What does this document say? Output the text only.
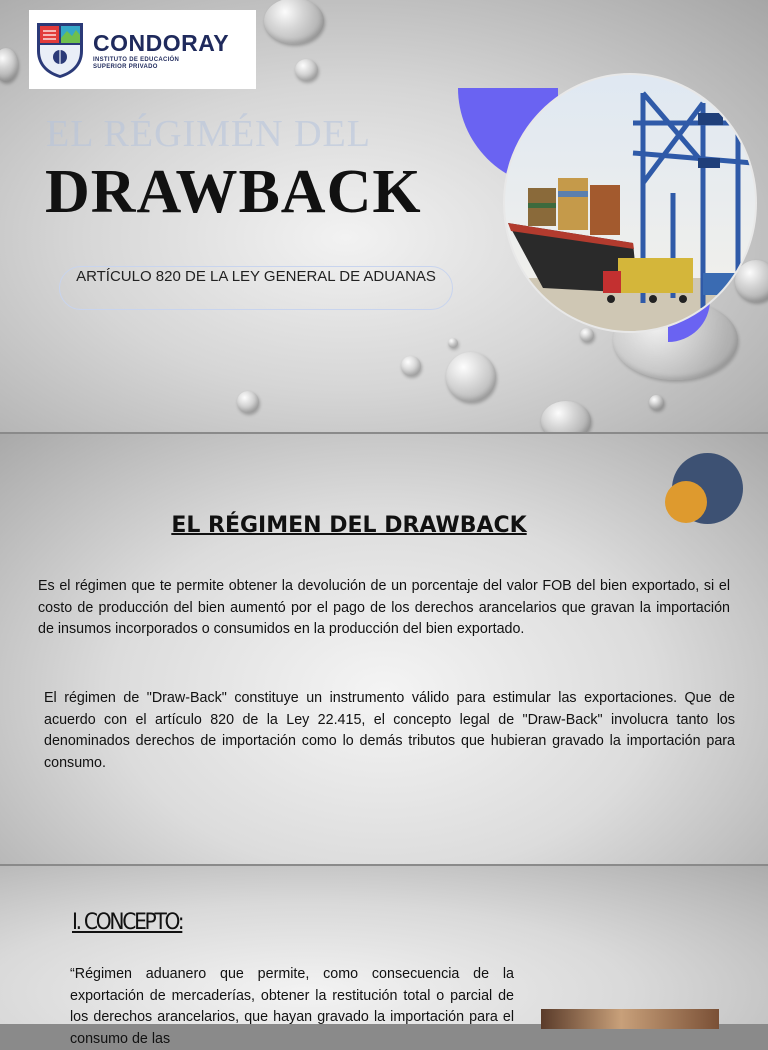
CONDORAY
INSTITUTO DE EDUCACIÓN
SUPERIOR PRIVADO
EL RÉGIMÉN DEL
DRAWBACK
ARTÍCULO 820 DE LA LEY GENERAL DE ADUANAS
EL RÉGIMEN DEL DRAWBACK
Es el régimen que te permite obtener la devolución de un porcentaje del valor FOB del bien exportado, si el costo de producción del bien aumentó por el pago de los derechos arancelarios que gravan la importación de insumos incorporados o consumidos en la producción del bien exportado.
El régimen de "Draw-Back" constituye un instrumento válido para estimular las exportaciones. Que de acuerdo con el artículo 820 de la Ley 22.415, el concepto legal de "Draw-Back" involucra tanto los denominados derechos de importación como lo demás tributos que hubieran gravado la importación para consumo.
I. CONCEPTO:
“Régimen aduanero que permite, como consecuencia de la exportación de mercaderías, obtener la restitución total o parcial de los derechos arancelarios, que hayan gravado la importación para el consumo de las
